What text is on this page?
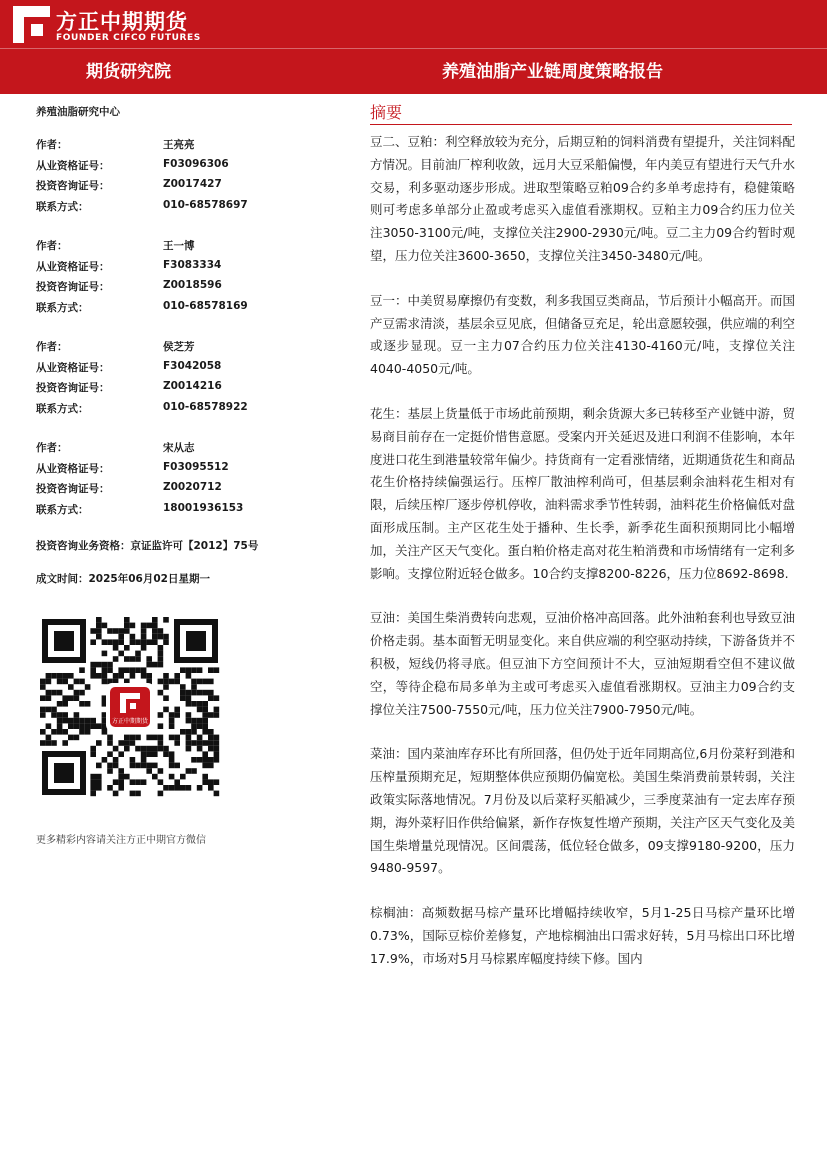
方正中期期货
FOUNDER CIFCO FUTURES
期货研究院	养殖油脂产业链周度策略报告
养殖油脂研究中心
作者：	王亮亮
从业资格证号：	F03096306
投资咨询证号：	Z0017427
联系方式：	010-68578697
作者：	王一博
从业资格证号：	F3083334
投资咨询证号：	Z0018596
联系方式：	010-68578169
作者：	侯芝芳
从业资格证号：	F3042058
投资咨询证号：	Z0014216
联系方式：	010-68578922
作者：	宋从志
从业资格证号：	F03095512
投资咨询证号：	Z0020712
联系方式：	18001936153
投资咨询业务资格：京证监许可【2012】75号
成文时间：2025年06月02日星期一
方正中期期货
更多精彩内容请关注方正中期官方微信
摘要

豆二、豆粕：利空释放较为充分，后期豆粕的饲料消费有望提升，关注饲料配方情况。目前油厂榨利收敛，远月大豆采船偏慢，年内美豆有望进行天气升水交易，利多驱动逐步形成。进取型策略豆粕09合约多单考虑持有，稳健策略则可考虑多单部分止盈或考虑买入虚值看涨期权。豆粕主力09合约压力位关注3050-3100元/吨，支撑位关注2900-2930元/吨。豆二主力09合约暂时观望，压力位关注3600-3650，支撑位关注3450-3480元/吨。

豆一：中美贸易摩擦仍有变数，利多我国豆类商品，节后预计小幅高开。而国产豆需求清淡，基层余豆见底，但储备豆充足，轮出意愿较强，供应端的利空或逐步显现。豆一主力07合约压力位关注4130-4160元/吨，支撑位关注4040-4050元/吨。

花生：基层上货量低于市场此前预期，剩余货源大多已转移至产业链中游，贸易商目前存在一定挺价惜售意愿。受案内开关延迟及进口利润不佳影响，本年度进口花生到港量较常年偏少。持货商有一定看涨情绪，近期通货花生和商品花生价格持续偏强运行。压榨厂散油榨利尚可，但基层剩余油料花生相对有限，后续压榨厂逐步停机停收，油料需求季节性转弱，油料花生价格偏低对盘面形成压制。主产区花生处于播种、生长季，新季花生面积预期同比小幅增加，关注产区天气变化。蛋白粕价格走高对花生粕消费和市场情绪有一定利多影响。支撑位附近轻仓做多。10合约支撑8200-8226，压力位8692-8698.

豆油：美国生柴消费转向悲观，豆油价格冲高回落。此外油粕套利也导致豆油价格走弱。基本面暂无明显变化。来自供应端的利空驱动持续，下游备货并不积极，短线仍将寻底。但豆油下方空间预计不大，豆油短期看空但不建议做空，等待企稳布局多单为主或可考虑买入虚值看涨期权。豆油主力09合约支撑位关注7500-7550元/吨，压力位关注7900-7950元/吨。

菜油：国内菜油库存环比有所回落，但仍处于近年同期高位,6月份菜籽到港和压榨量预期充足，短期整体供应预期仍偏宽松。美国生柴消费前景转弱，关注政策实际落地情况。7月份及以后菜籽买船减少，三季度菜油有一定去库存预期，海外菜籽旧作供给偏紧，新作存恢复性增产预期，关注产区天气变化及美国生柴增量兑现情况。区间震荡，低位轻仓做多，09支撑9180-9200，压力9480-9597。

棕榈油：高频数据马棕产量环比增幅持续收窄，5月1-25日马棕产量环比增0.73%，国际豆棕价差修复，产地棕榈油出口需求好转，5月马棕出口环比增17.9%，市场对5月马棕累库幅度持续下修。国内
